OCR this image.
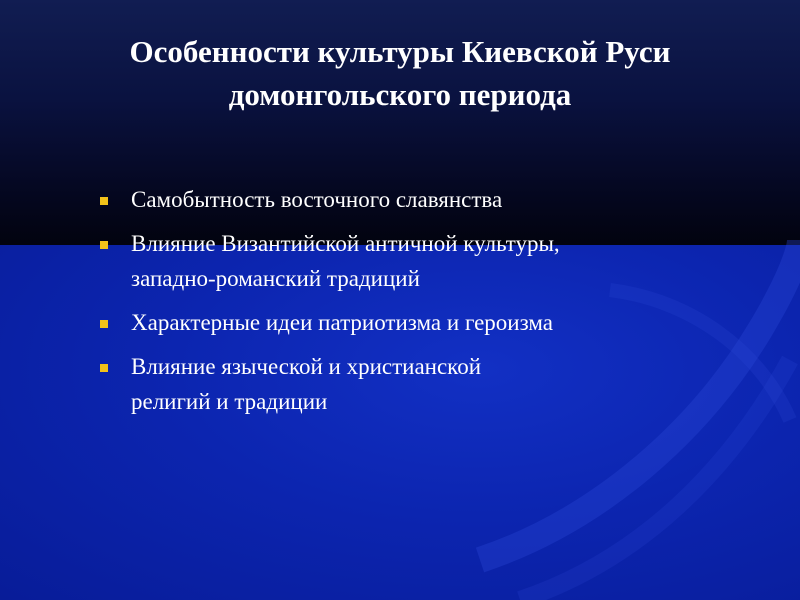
Особенности культуры Киевской Руси
домонгольского периода
Самобытность восточного славянства
Влияние Византийской античной культуры,
западно-романский традиций
Характерные идеи патриотизма и героизма
Влияние языческой и христианской
религий и традиции
